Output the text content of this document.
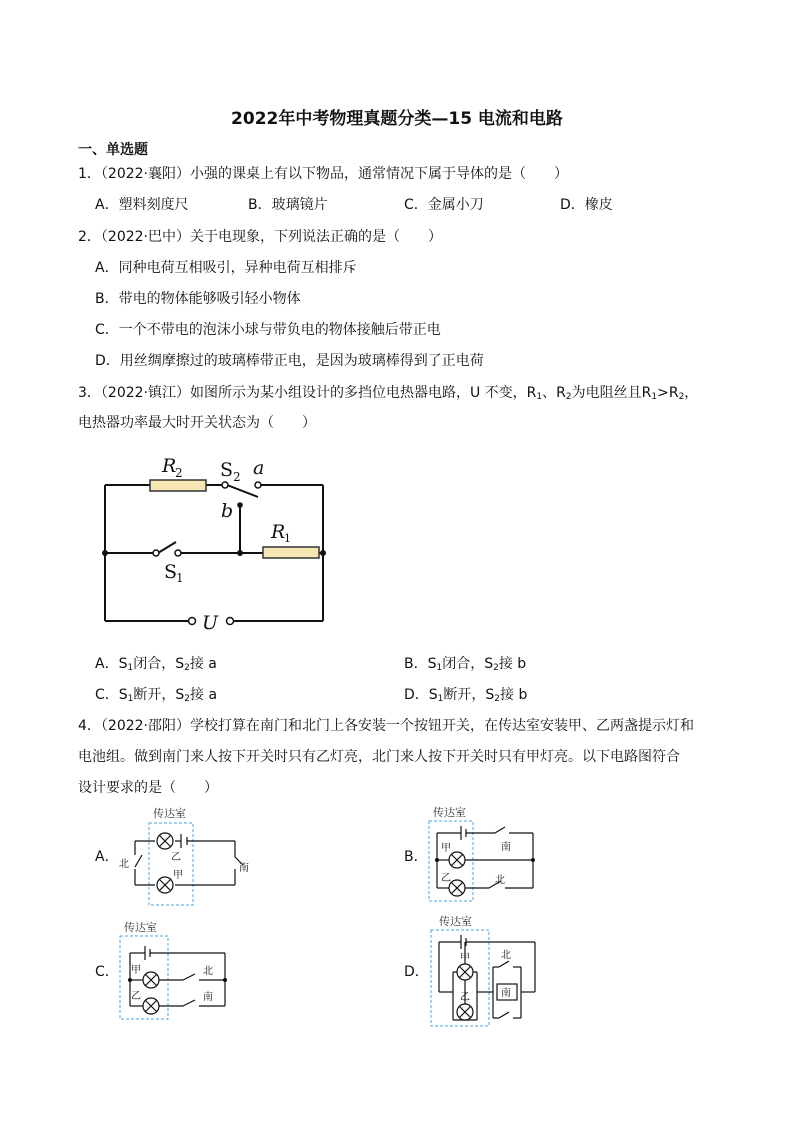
2022年中考物理真题分类—15 电流和电路
一、单选题
1．（2022·襄阳）小强的课桌上有以下物品，通常情况下属于导体的是（　　）
A．塑料刻度尺	B．玻璃镜片	C．金属小刀	D．橡皮
2．（2022·巴中）关于电现象，下列说法正确的是（　　）
A．同种电荷互相吸引，异种电荷互相排斥
B．带电的物体能够吸引轻小物体
C．一个不带电的泡沫小球与带负电的物体接触后带正电
D．用丝绸摩擦过的玻璃棒带正电，是因为玻璃棒得到了正电荷
3．（2022·镇江）如图所示为某小组设计的多挡位电热器电路，U 不变，$R_1$、$R_2$为电阻丝且$R_1>R_2$，
电热器功率最大时开关状态为（　　）
R
2 S 2 a
b
R
1
S
1
U
A．$S_1$闭合，$S_2$接 a	B．$S_1$闭合，$S_2$接 b
C．$S_1$断开，$S_2$接 a	D．$S_1$断开，$S_2$接 b
4．（2022·邵阳）学校打算在南门和北门上各安装一个按钮开关，在传达室安装甲、乙两盏提示灯和
电池组。做到南门来人按下开关时只有乙灯亮，北门来人按下开关时只有甲灯亮。以下电路图符合
设计要求的是（　　）
A．	B．
C．	D．
传达室
乙
甲
北	南
传达室
甲
乙
南
北
传达室
甲
乙
北
南
传达室
甲
乙
北
南
